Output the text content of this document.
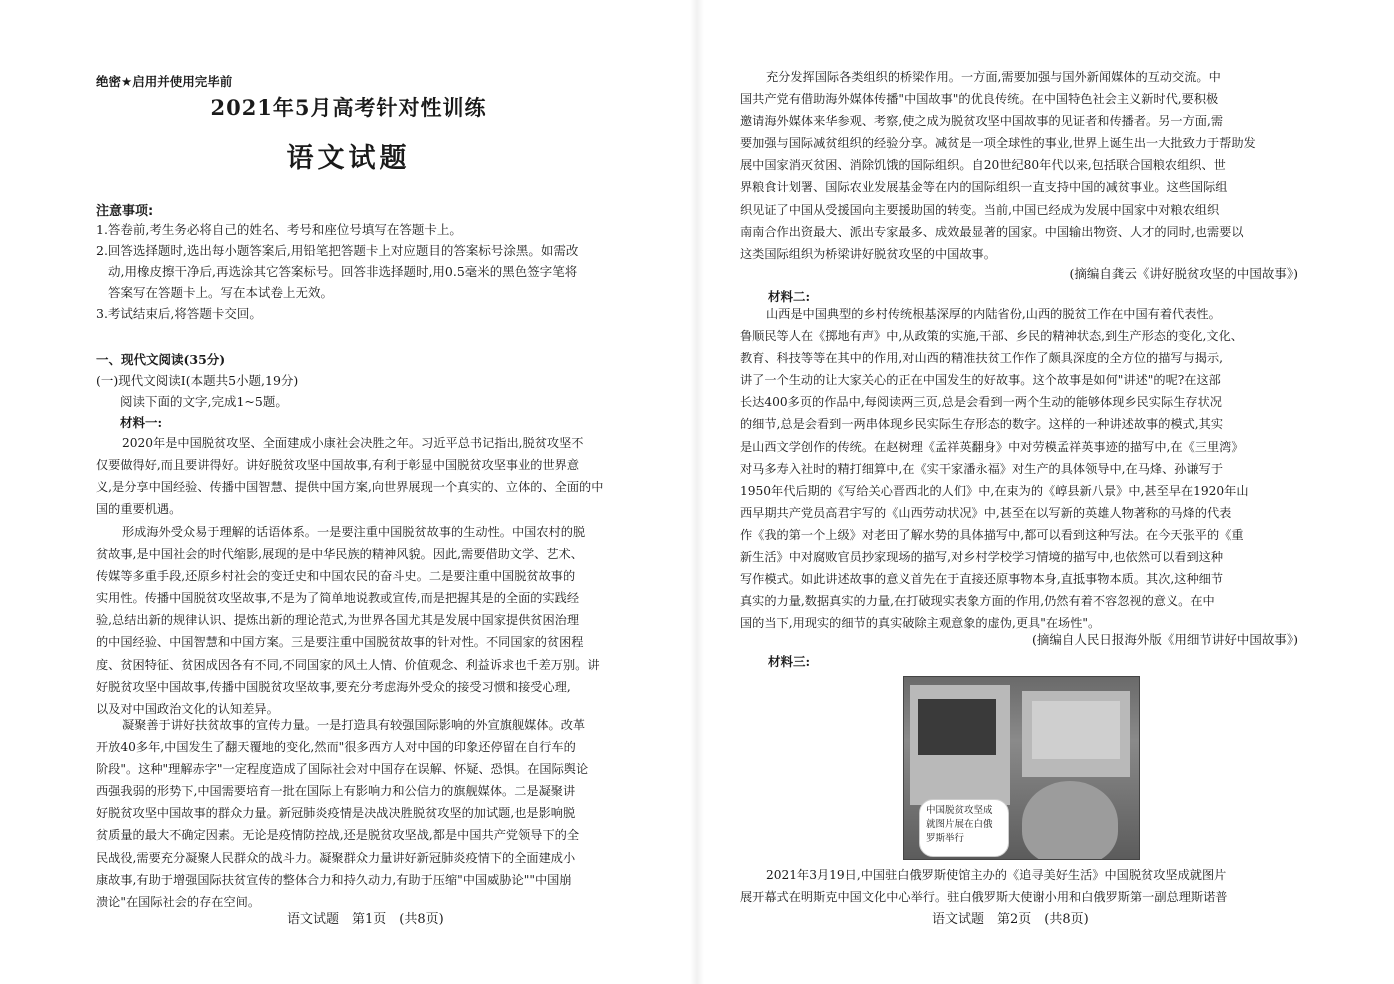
绝密★启用并使用完毕前
2021年5月高考针对性训练
语文试题
注意事项:
1.答卷前,考生务必将自己的姓名、考号和座位号填写在答题卡上。
2.回答选择题时,选出每小题答案后,用铅笔把答题卡上对应题目的答案标号涂黑。如需改
动,用橡皮擦干净后,再选涂其它答案标号。回答非选择题时,用0.5毫米的黑色签字笔将
答案写在答题卡上。写在本试卷上无效。
3.考试结束后,将答题卡交回。
一、现代文阅读(35分)
(一)现代文阅读Ⅰ(本题共5小题,19分)
阅读下面的文字,完成1~5题。
材料一:
2020年是中国脱贫攻坚、全面建成小康社会决胜之年。习近平总书记指出,脱贫攻坚不
仅要做得好,而且要讲得好。讲好脱贫攻坚中国故事,有利于彰显中国脱贫攻坚事业的世界意
义,是分享中国经验、传播中国智慧、提供中国方案,向世界展现一个真实的、立体的、全面的中
国的重要机遇。
形成海外受众易于理解的话语体系。一是要注重中国脱贫故事的生动性。中国农村的脱
贫故事,是中国社会的时代缩影,展现的是中华民族的精神风貌。因此,需要借助文学、艺术、
传媒等多重手段,还原乡村社会的变迁史和中国农民的奋斗史。二是要注重中国脱贫故事的
实用性。传播中国脱贫攻坚故事,不是为了简单地说教或宣传,而是把握其是的全面的实践经
验,总结出新的规律认识、提炼出新的理论范式,为世界各国尤其是发展中国家提供贫困治理
的中国经验、中国智慧和中国方案。三是要注重中国脱贫故事的针对性。不同国家的贫困程
度、贫困特征、贫困成因各有不同,不同国家的风土人情、价值观念、利益诉求也千差万别。讲
好脱贫攻坚中国故事,传播中国脱贫攻坚故事,要充分考虑海外受众的接受习惯和接受心理,
以及对中国政治文化的认知差异。
凝聚善于讲好扶贫故事的宣传力量。一是打造具有较强国际影响的外宣旗舰媒体。改革
开放40多年,中国发生了翻天覆地的变化,然而"很多西方人对中国的印象还停留在自行车的
阶段"。这种"理解赤字"一定程度造成了国际社会对中国存在误解、怀疑、恐惧。在国际舆论
西强我弱的形势下,中国需要培育一批在国际上有影响力和公信力的旗舰媒体。二是凝聚讲
好脱贫攻坚中国故事的群众力量。新冠肺炎疫情是决战决胜脱贫攻坚的加试题,也是影响脱
贫质量的最大不确定因素。无论是疫情防控战,还是脱贫攻坚战,都是中国共产党领导下的全
民战役,需要充分凝聚人民群众的战斗力。凝聚群众力量讲好新冠肺炎疫情下的全面建成小
康故事,有助于增强国际扶贫宣传的整体合力和持久动力,有助于压缩"中国威胁论""中国崩
溃论"在国际社会的存在空间。
语文试题　第1页　(共8页)
充分发挥国际各类组织的桥梁作用。一方面,需要加强与国外新闻媒体的互动交流。中
国共产党有借助海外媒体传播"中国故事"的优良传统。在中国特色社会主义新时代,要积极
邀请海外媒体来华参观、考察,使之成为脱贫攻坚中国故事的见证者和传播者。另一方面,需
要加强与国际减贫组织的经验分享。减贫是一项全球性的事业,世界上诞生出一大批致力于帮助发
展中国家消灭贫困、消除饥饿的国际组织。自20世纪80年代以来,包括联合国粮农组织、世
界粮食计划署、国际农业发展基金等在内的国际组织一直支持中国的减贫事业。这些国际组
织见证了中国从受援国向主要援助国的转变。当前,中国已经成为发展中国家中对粮农组织
南南合作出资最大、派出专家最多、成效最显著的国家。中国输出物资、人才的同时,也需要以
这类国际组织为桥梁讲好脱贫攻坚的中国故事。
(摘编自龚云《讲好脱贫攻坚的中国故事》)
材料二:
山西是中国典型的乡村传统根基深厚的内陆省份,山西的脱贫工作在中国有着代表性。
鲁顺民等人在《掷地有声》中,从政策的实施,干部、乡民的精神状态,到生产形态的变化,文化、
教育、科技等等在其中的作用,对山西的精准扶贫工作作了颇具深度的全方位的描写与揭示,
讲了一个生动的让大家关心的正在中国发生的好故事。这个故事是如何"讲述"的呢?在这部
长达400多页的作品中,每阅读两三页,总是会看到一两个生动的能够体现乡民实际生存状况
的细节,总是会看到一两串体现乡民实际生存形态的数字。这样的一种讲述故事的模式,其实
是山西文学创作的传统。在赵树理《孟祥英翻身》中对劳模孟祥英事迹的描写中,在《三里湾》
对马多寿入社时的精打细算中,在《实干家潘永福》对生产的具体领导中,在马烽、孙谦写于
1950年代后期的《写给关心晋西北的人们》中,在束为的《崞县新八景》中,甚至早在1920年山
西早期共产党员高君宇写的《山西劳动状况》中,甚至在以写新的英雄人物著称的马烽的代表
作《我的第一个上级》对老田了解水势的具体描写中,都可以看到这种写法。在今天张平的《重
新生活》中对腐败官员抄家现场的描写,对乡村学校学习情境的描写中,也依然可以看到这种
写作模式。如此讲述故事的意义首先在于直接还原事物本身,直抵事物本质。其次,这种细节
真实的力量,数据真实的力量,在打破现实表象方面的作用,仍然有着不容忽视的意义。在中
国的当下,用现实的细节的真实破除主观意象的虚伪,更具"在场性"。
(摘编自人民日报海外版《用细节讲好中国故事》)
材料三:
中国脱贫攻坚成
就图片展在白俄
罗斯举行
2021年3月19日,中国驻白俄罗斯使馆主办的《追寻美好生活》中国脱贫攻坚成就图片
展开幕式在明斯克中国文化中心举行。驻白俄罗斯大使谢小用和白俄罗斯第一副总理斯诺普
语文试题　第2页　(共8页)
